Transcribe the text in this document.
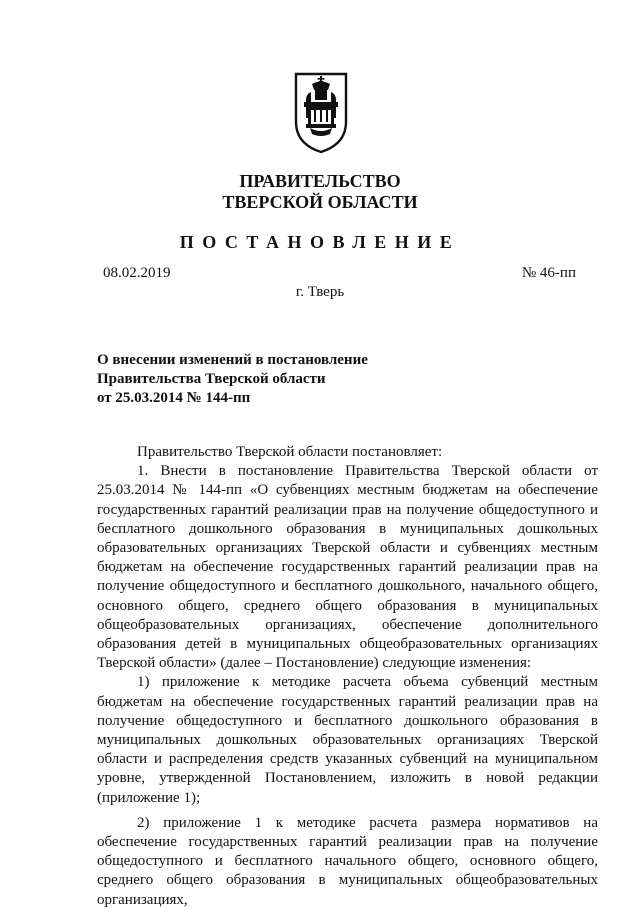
ПРАВИТЕЛЬСТВО
ТВЕРСКОЙ ОБЛАСТИ
ПОСТАНОВЛЕНИЕ
08.02.2019	№ 46-пп
г. Тверь
О внесении изменений в постановление
Правительства Тверской области
от 25.03.2014 № 144-пп

Правительство Тверской области постановляет:

1. Внести в постановление Правительства Тверской области от 25.03.2014 № 144-пп «О субвенциях местным бюджетам на обеспечение государственных гарантий реализации прав на получение общедоступного и бесплатного дошкольного образования в муниципальных дошкольных образовательных организациях Тверской области и субвенциях местным бюджетам на обеспечение государственных гарантий реализации прав на получение общедоступного и бесплатного дошкольного, начального общего, основного общего, среднего общего образования в муниципальных общеобразовательных организациях, обеспечение дополнительного образования детей в муниципальных общеобразовательных организациях Тверской области» (далее – Постановление) следующие изменения:

1) приложение к методике расчета объема субвенций местным бюджетам на обеспечение государственных гарантий реализации прав на получение общедоступного и бесплатного дошкольного образования в муниципальных дошкольных образовательных организациях Тверской области и распределения средств указанных субвенций на муниципальном уровне, утвержденной Постановлением, изложить в новой редакции (приложение 1);

2) приложение 1 к методике расчета размера нормативов на обеспечение государственных гарантий реализации прав на получение общедоступного и бесплатного начального общего, основного общего, среднего общего образования в муниципальных общеобразовательных организациях,
